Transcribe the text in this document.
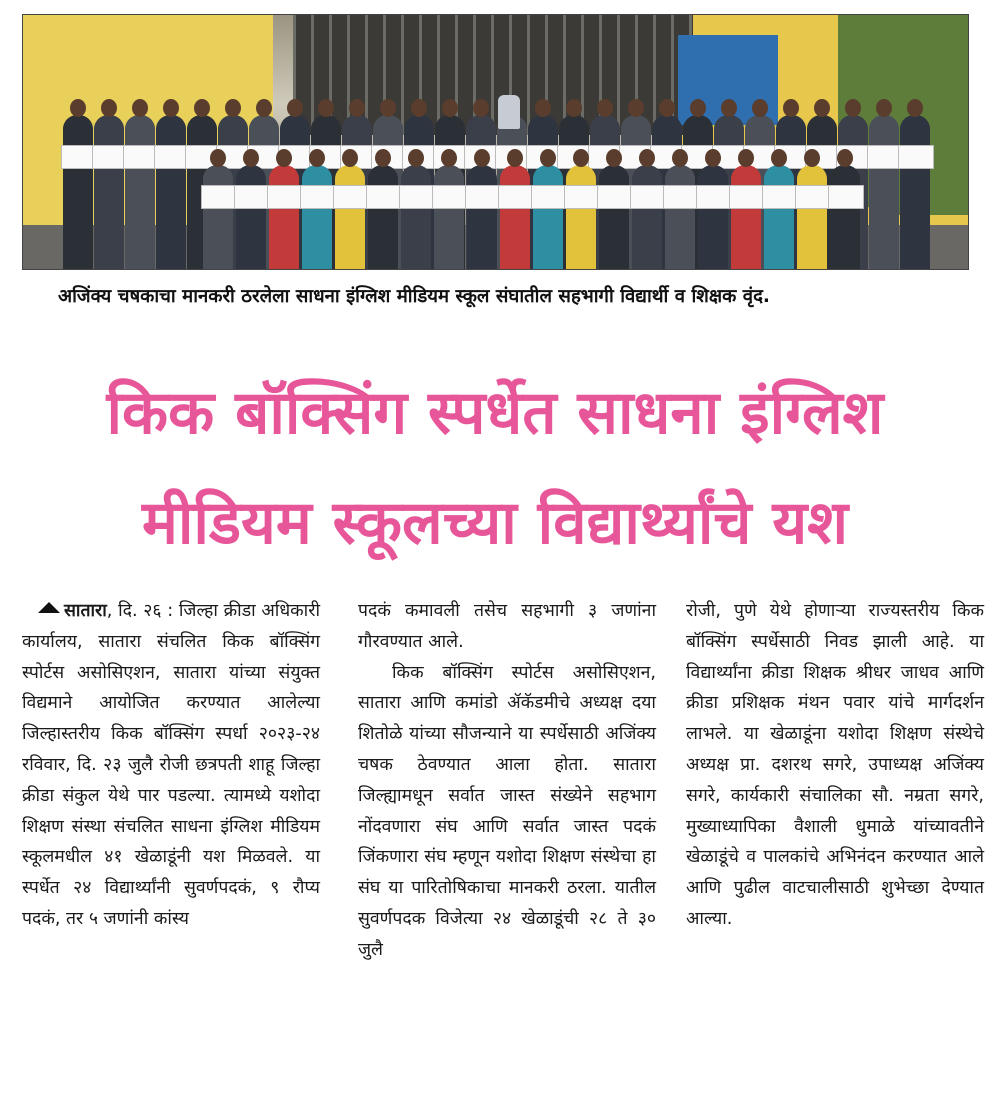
अजिंक्य चषकाचा मानकरी ठरलेला साधना इंग्लिश मीडियम स्कूल संघातील सहभागी विद्यार्थी व शिक्षक वृंद.
किक बॉक्सिंग स्पर्धेत साधना इंग्लिश
मीडियम स्कूलच्या विद्यार्थ्यांचे यश

सातारा, दि. २६ : जिल्हा क्रीडा अधिकारी कार्यालय, सातारा संचलित किक बॉक्सिंग स्पोर्टस असोसिएशन, सातारा यांच्या संयुक्त विद्यमाने आयोजित करण्यात आलेल्या जिल्हास्तरीय किक बॉक्सिंग स्पर्धा २०२३-२४ रविवार, दि. २३ जुलै रोजी छत्रपती शाहू जिल्हा क्रीडा संकुल येथे पार पडल्या. त्यामध्ये यशोदा शिक्षण संस्था संचलित साधना इंग्लिश मीडियम स्कूलमधील ४१ खेळाडूंनी यश मिळवले. या स्पर्धेत २४ विद्यार्थ्यांनी सुवर्णपदकं, ९ रौप्य पदकं, तर ५ जणांनी कांस्य

पदकं कमावली तसेच सहभागी ३ जणांना गौरवण्यात आले.

किक बॉक्सिंग स्पोर्टस असोसिएशन, सातारा आणि कमांडो ॲकॅडमीचे अध्यक्ष दया शितोळे यांच्या सौजन्याने या स्पर्धेसाठी अजिंक्य चषक ठेवण्यात आला होता. सातारा जिल्ह्यामधून सर्वात जास्त संख्येने सहभाग नोंदवणारा संघ आणि सर्वात जास्त पदकं जिंकणारा संघ म्हणून यशोदा शिक्षण संस्थेचा हा संघ या पारितोषिकाचा मानकरी ठरला. यातील सुवर्णपदक विजेत्या २४ खेळाडूंची २८ ते ३० जुलै

रोजी, पुणे येथे होणाऱ्या राज्यस्तरीय किक बॉक्सिंग स्पर्धेसाठी निवड झाली आहे. या विद्यार्थ्यांना क्रीडा शिक्षक श्रीधर जाधव आणि क्रीडा प्रशिक्षक मंथन पवार यांचे मार्गदर्शन लाभले. या खेळाडूंना यशोदा शिक्षण संस्थेचे अध्यक्ष प्रा. दशरथ सगरे, उपाध्यक्ष अजिंक्य सगरे, कार्यकारी संचालिका सौ. नम्रता सगरे, मुख्याध्यापिका वैशाली धुमाळे यांच्यावतीने खेळाडूंचे व पालकांचे अभिनंदन करण्यात आले आणि पुढील वाटचालीसाठी शुभेच्छा देण्यात आल्या.
